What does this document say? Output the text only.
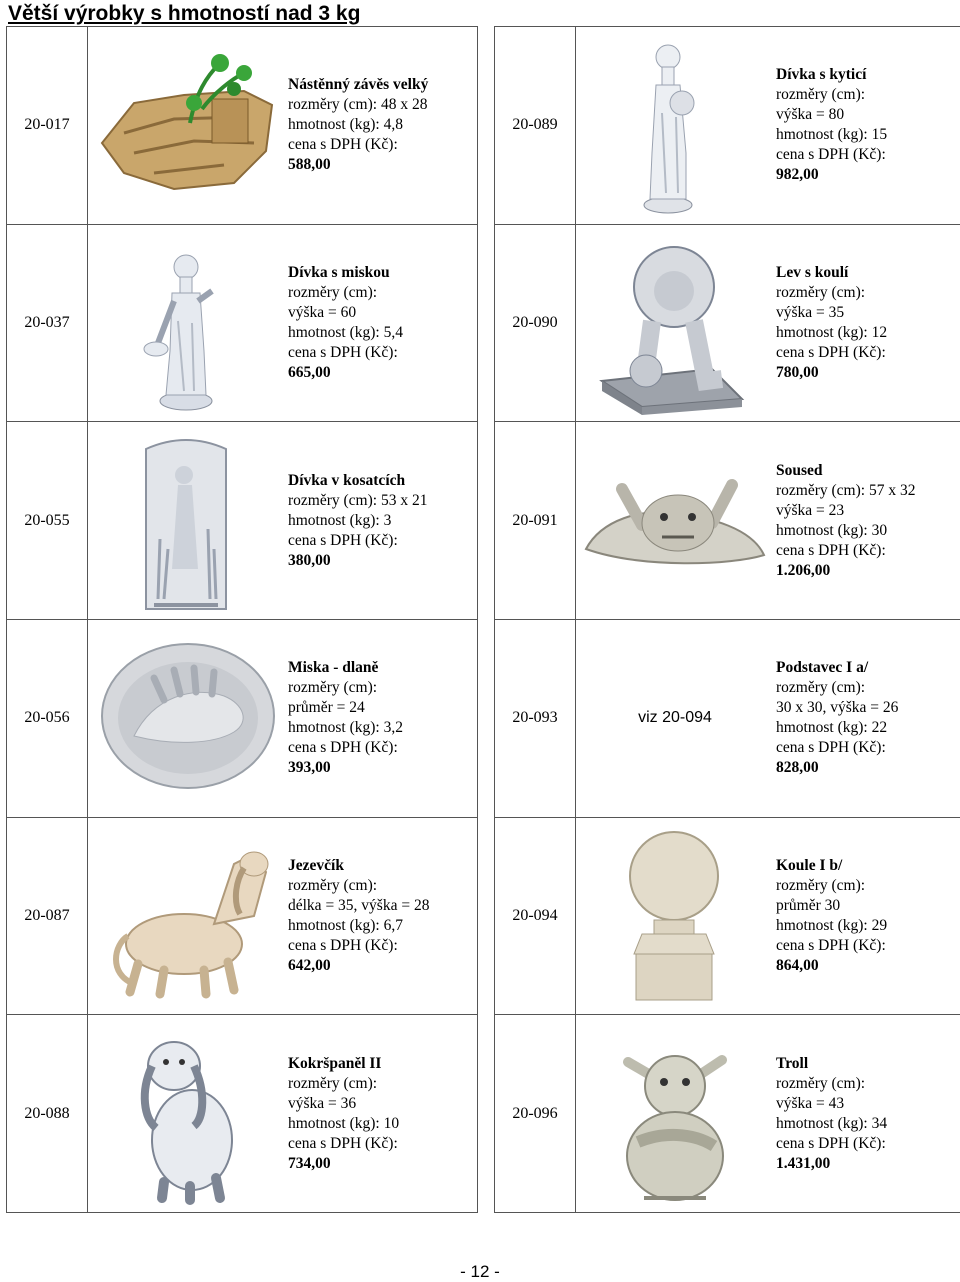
Větší výrobky s hmotností nad 3 kg
20-017
Nástěnný závěs velký
rozměry (cm): 48 x 28
hmotnost (kg): 4,8
cena s DPH (Kč):
588,00
20-037
Dívka s miskou
rozměry (cm):
výška = 60
hmotnost (kg): 5,4
cena s DPH (Kč):
665,00
20-055
Dívka v kosatcích
rozměry (cm): 53 x 21
hmotnost (kg): 3
cena s DPH (Kč):
380,00
20-056
Miska - dlaně
rozměry (cm):
průměr = 24
hmotnost (kg): 3,2
cena s DPH (Kč):
393,00
20-087
Jezevčík
rozměry (cm):
délka = 35, výška = 28
hmotnost (kg): 6,7
cena s DPH (Kč):
642,00
20-088
Kokršpaněl II
rozměry (cm):
výška = 36
hmotnost (kg): 10
cena s DPH (Kč):
734,00
20-089
Dívka s kyticí
rozměry (cm):
výška = 80
hmotnost (kg): 15
cena s DPH (Kč):
982,00
20-090
Lev s koulí
rozměry (cm):
výška = 35
hmotnost (kg): 12
cena s DPH (Kč):
780,00
20-091
Soused
rozměry (cm): 57 x 32
výška = 23
hmotnost (kg): 30
cena s DPH (Kč):
1.206,00
20-093	viz 20-094
Podstavec I a/
rozměry (cm):
30 x 30, výška = 26
hmotnost (kg): 22
cena s DPH (Kč):
828,00
20-094
Koule I b/
rozměry (cm):
průměr 30
hmotnost (kg): 29
cena s DPH (Kč):
864,00
20-096
Troll
rozměry (cm):
výška = 43
hmotnost (kg): 34
cena s DPH (Kč):
1.431,00
- 12 -
